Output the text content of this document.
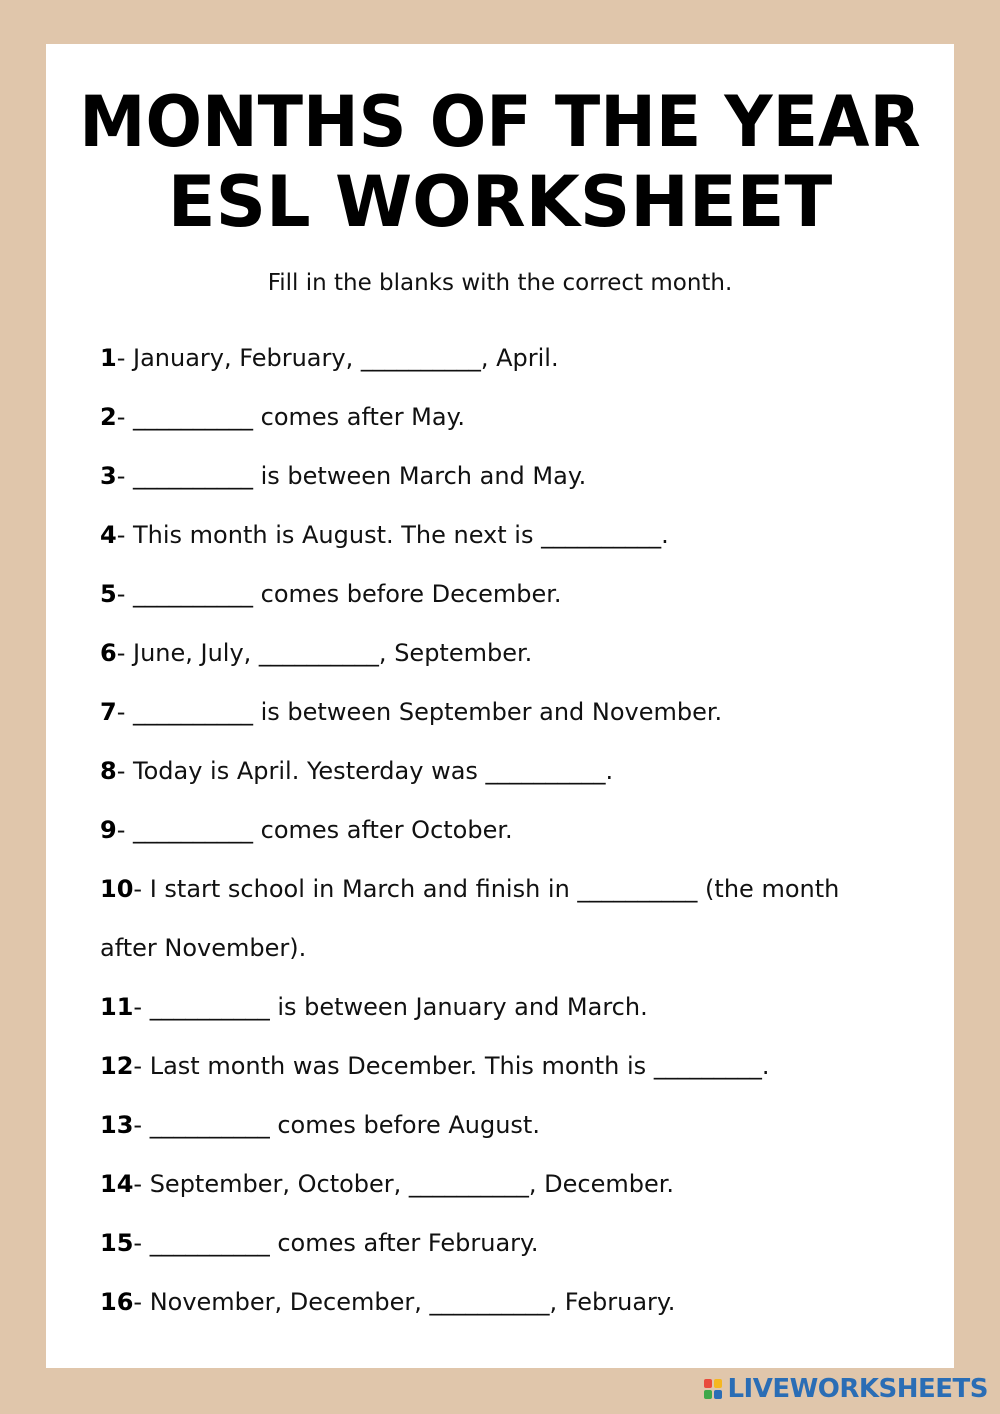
MONTHS OF THE YEAR
ESL WORKSHEET
Fill in the blanks with the correct month.
1- January, February, __________, April.
2- __________ comes after May.
3- __________ is between March and May.
4- This month is August. The next is __________.
5- __________ comes before December.
6- June, July, __________, September.
7- __________ is between September and November.
8- Today is April. Yesterday was __________.
9- __________ comes after October.
10- I start school in March and finish in __________ (the month after November).
11- __________ is between January and March.
12- Last month was December. This month is _________.
13- __________ comes before August.
14- September, October, __________, December.
15- __________ comes after February.
16- November, December, __________, February.
LIVEWORKSHEETS
